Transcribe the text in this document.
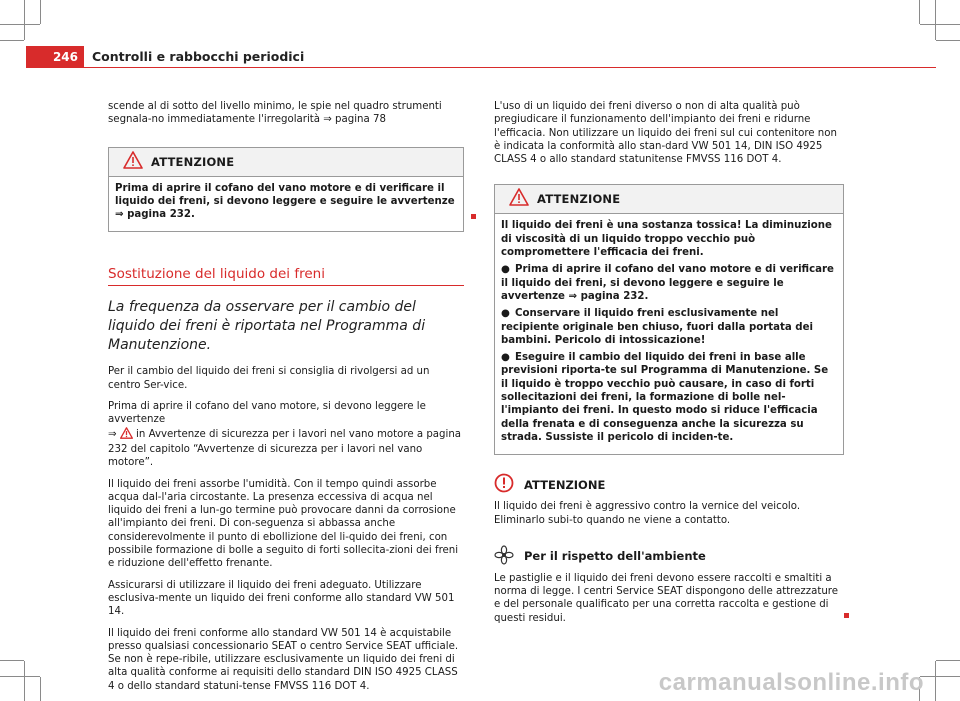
246	Controlli e rabbocchi periodici

scende al di sotto del livello minimo, le spie nel quadro strumenti segnala-no immediatamente l'irregolarità ⇒ pagina 78

ATTENZIONE
Prima di aprire il cofano del vano motore e di verificare il liquido dei freni, si devono leggere e seguire le avvertenze ⇒ pagina 232.
Sostituzione del liquido dei freni
La frequenza da osservare per il cambio del liquido dei freni è riportata nel Programma di Manutenzione.

Per il cambio del liquido dei freni si consiglia di rivolgersi ad un centro Ser-vice.

Prima di aprire il cofano del vano motore, si devono leggere le avvertenze
⇒ in Avvertenze di sicurezza per i lavori nel vano motore a pagina 232 del capitolo “Avvertenze di sicurezza per i lavori nel vano motore”.

Il liquido dei freni assorbe l'umidità. Con il tempo quindi assorbe acqua dal-l'aria circostante. La presenza eccessiva di acqua nel liquido dei freni a lun-go termine può provocare danni da corrosione all'impianto dei freni. Di con-seguenza si abbassa anche considerevolmente il punto di ebollizione del li-quido dei freni, con possibile formazione di bolle a seguito di forti sollecita-zioni dei freni e riduzione dell'effetto frenante.

Assicurarsi di utilizzare il liquido dei freni adeguato. Utilizzare esclusiva-mente un liquido dei freni conforme allo standard VW 501 14.

Il liquido dei freni conforme allo standard VW 501 14 è acquistabile presso qualsiasi concessionario SEAT o centro Service SEAT ufficiale. Se non è repe-ribile, utilizzare esclusivamente un liquido dei freni di alta qualità conforme ai requisiti dello standard DIN ISO 4925 CLASS 4 o dello standard statuni-tense FMVSS 116 DOT 4.

L'uso di un liquido dei freni diverso o non di alta qualità può pregiudicare il funzionamento dell'impianto dei freni e ridurne l'efficacia. Non utilizzare un liquido dei freni sul cui contenitore non è indicata la conformità allo stan-dard VW 501 14, DIN ISO 4925 CLASS 4 o allo standard statunitense FMVSS 116 DOT 4.

ATTENZIONE
Il liquido dei freni è una sostanza tossica! La diminuzione di viscosità di un liquido troppo vecchio può compromettere l'efficacia dei freni.
● Prima di aprire il cofano del vano motore e di verificare il liquido dei freni, si devono leggere e seguire le avvertenze ⇒ pagina 232.
● Conservare il liquido freni esclusivamente nel recipiente originale ben chiuso, fuori dalla portata dei bambini. Pericolo di intossicazione!
● Eseguire il cambio del liquido dei freni in base alle previsioni riporta-te sul Programma di Manutenzione. Se il liquido è troppo vecchio può causare, in caso di forti sollecitazioni dei freni, la formazione di bolle nel-l'impianto dei freni. In questo modo si riduce l'efficacia della frenata e di conseguenza anche la sicurezza su strada. Sussiste il pericolo di inciden-te.
ATTENZIONE

Il liquido dei freni è aggressivo contro la vernice del veicolo. Eliminarlo subi-to quando ne viene a contatto.

Per il rispetto dell'ambiente

Le pastiglie e il liquido dei freni devono essere raccolti e smaltiti a norma di legge. I centri Service SEAT dispongono delle attrezzature e del personale qualificato per una corretta raccolta e gestione di questi residui.

carmanualsonline.info
